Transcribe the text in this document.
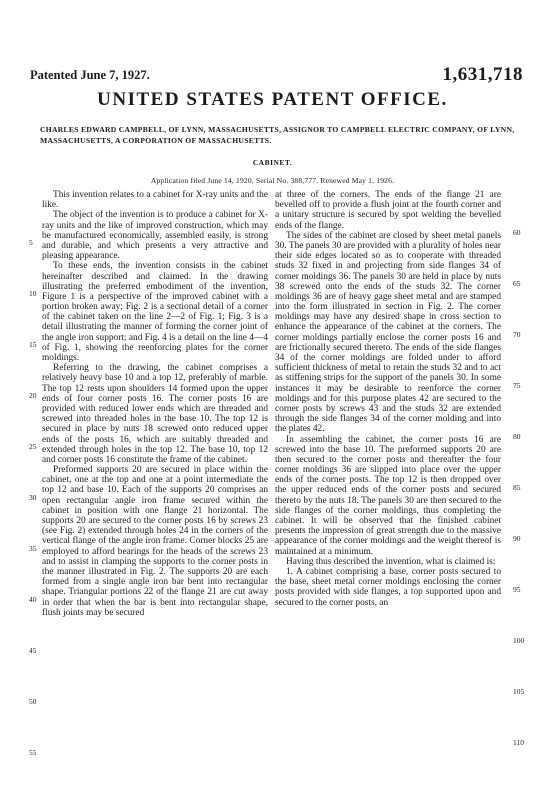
Patented June 7, 1927.	1,631,718
UNITED STATES PATENT OFFICE.
CHARLES EDWARD CAMPBELL, OF LYNN, MASSACHUSETTS, ASSIGNOR TO CAMPBELL ELECTRIC COMPANY, OF LYNN, MASSACHUSETTS, A CORPORATION OF MASSACHUSETTS.
CABINET.
Application filed June 14, 1920, Serial No. 388,777. Renewed May 1, 1926.

This invention relates to a cabinet for X-ray units and the like.

The object of the invention is to produce a cabinet for X-ray units and the like of improved construction, which may be manufactured economically, assembled easily, is strong and durable, and which presents a very attractive and pleasing appearance.

To these ends, the invention consists in the cabinet hereinafter described and claimed. In the drawing illustrating the preferred embodiment of the invention, Figure 1 is a perspective of the improved cabinet with a portion broken away; Fig. 2 is a sectional detail of a corner of the cabinet taken on the line 2—2 of Fig. 1; Fig. 3 is a detail illustrating the manner of forming the corner joint of the angle iron support; and Fig. 4 is a detail on the line 4—4 of Fig. 1, showing the reenforcing plates for the corner moldings.

Referring to the drawing, the cabinet comprises a relatively heavy base 10 and a top 12, preferably of marble. The top 12 rests upon shoulders 14 formed upon the upper ends of four corner posts 16. The corner posts 16 are provided with reduced lower ends which are threaded and screwed into threaded holes in the base 10. The top 12 is secured in place by nuts 18 screwed onto reduced upper ends of the posts 16, which are suitably threaded and extended through holes in the top 12. The base 10, top 12 and corner posts 16 constitute the frame of the cabinet.

Preformed supports 20 are secured in place within the cabinet, one at the top and one at a point intermediate the top 12 and base 10. Each of the supports 20 comprises an open rectangular angle iron frame secured within the cabinet in position with one flange 21 horizontal. The supports 20 are secured to the corner posts 16 by screws 23 (see Fig. 2) extended through holes 24 in the corners of the vertical flange of the angle iron frame. Corner blocks 25 are employed to afford bearings for the heads of the screws 23 and to assist in clamping the supports to the corner posts in the manner illustrated in Fig. 2. The supports 20 are each formed from a single angle iron bar bent into rectangular shape. Triangular portions 22 of the flange 21 are cut away in order that when the bar is bent into rectangular shape, flush joints may be secured

at three of the corners. The ends of the flange 21 are bevelled off to provide a flush joint at the fourth corner and a unitary structure is secured by spot welding the bevelled ends of the flange.

The sides of the cabinet are closed by sheet metal panels 30. The panels 30 are provided with a plurality of holes near their side edges located so as to cooperate with threaded studs 32 fixed in and projecting from side flanges 34 of corner moldings 36. The panels 30 are held in place by nuts 38 screwed onto the ends of the studs 32. The corner moldings 36 are of heavy gage sheet metal and are stamped into the form illustrated in section in Fig. 2. The corner moldings may have any desired shape in cross section to enhance the appearance of the cabinet at the corners. The corner moldings partially enclose the corner posts 16 and are frictionally secured thereto. The ends of the side flanges 34 of the corner moldings are folded under to afford sufficient thickness of metal to retain the studs 32 and to act as stiffening strips for the support of the panels 30. In some instances it may be desirable to reenforce the corner moldings and for this purpose plates 42 are secured to the corner posts by screws 43 and the studs 32 are extended through the side flanges 34 of the corner molding and into the plates 42.

In assembling the cabinet, the corner posts 16 are screwed into the base 10. The preformed supports 20 are then secured to the corner posts and thereafter the four corner moldings 36 are slipped into place over the upper ends of the corner posts. The top 12 is then dropped over the upper reduced ends of the corner posts and secured thereto by the nuts 18. The panels 30 are then secured to the side flanges of the corner moldings, thus completing the cabinet. It will be observed that the finished cabinet presents the impression of great strength due to the massive appearance of the corner moldings and the weight thereof is maintained at a minimum.

Having thus described the invention, what is claimed is:

1. A cabinet comprising a base, corner posts secured to the base, sheet metal corner moldings enclosing the corner posts provided with side flanges, a top supported upon and secured to the corner posts, an

5
10
15
20
25
30
35
40
45
50
55
60
65
70
75
80
85
90
95
100
105
110
